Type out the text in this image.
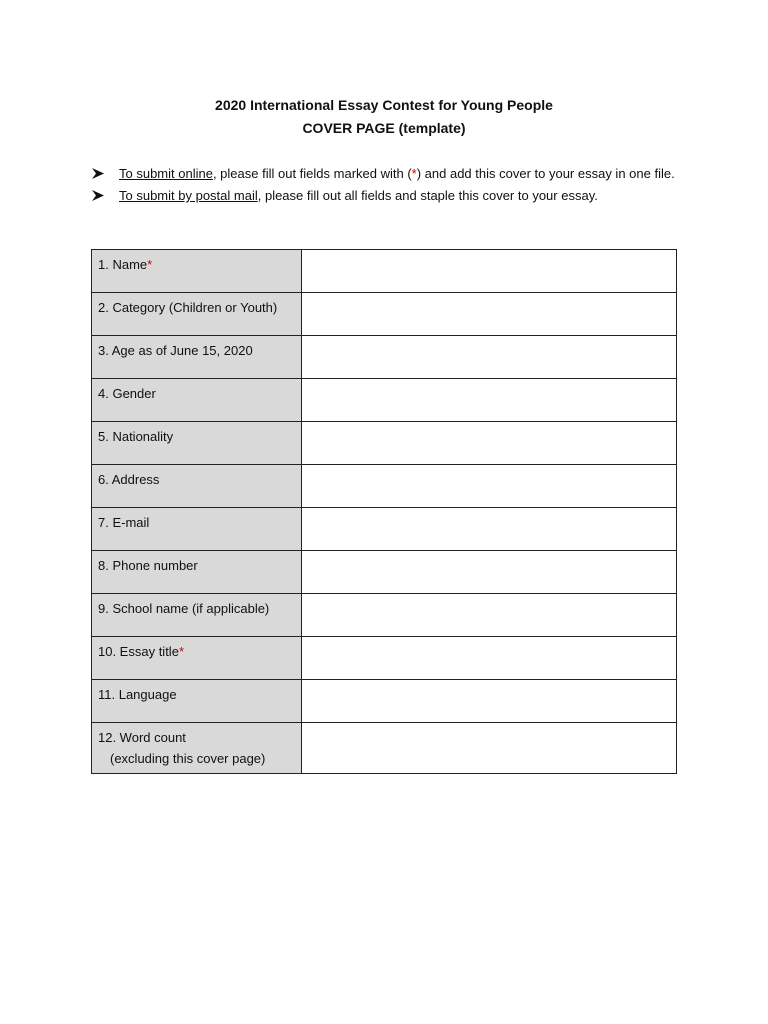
2020 International Essay Contest for Young People
COVER PAGE (template)
To submit online, please fill out fields marked with (*) and add this cover to your essay in one file.
To submit by postal mail, please fill out all fields and staple this cover to your essay.
1. Name*	
2. Category (Children or Youth)	
3. Age as of June 15, 2020	
4. Gender	
5. Nationality	
6. Address	
7. E-mail	
8. Phone number	
9. School name (if applicable)	
10. Essay title*	
11. Language	
12. Word count
(excluding this cover page)	
